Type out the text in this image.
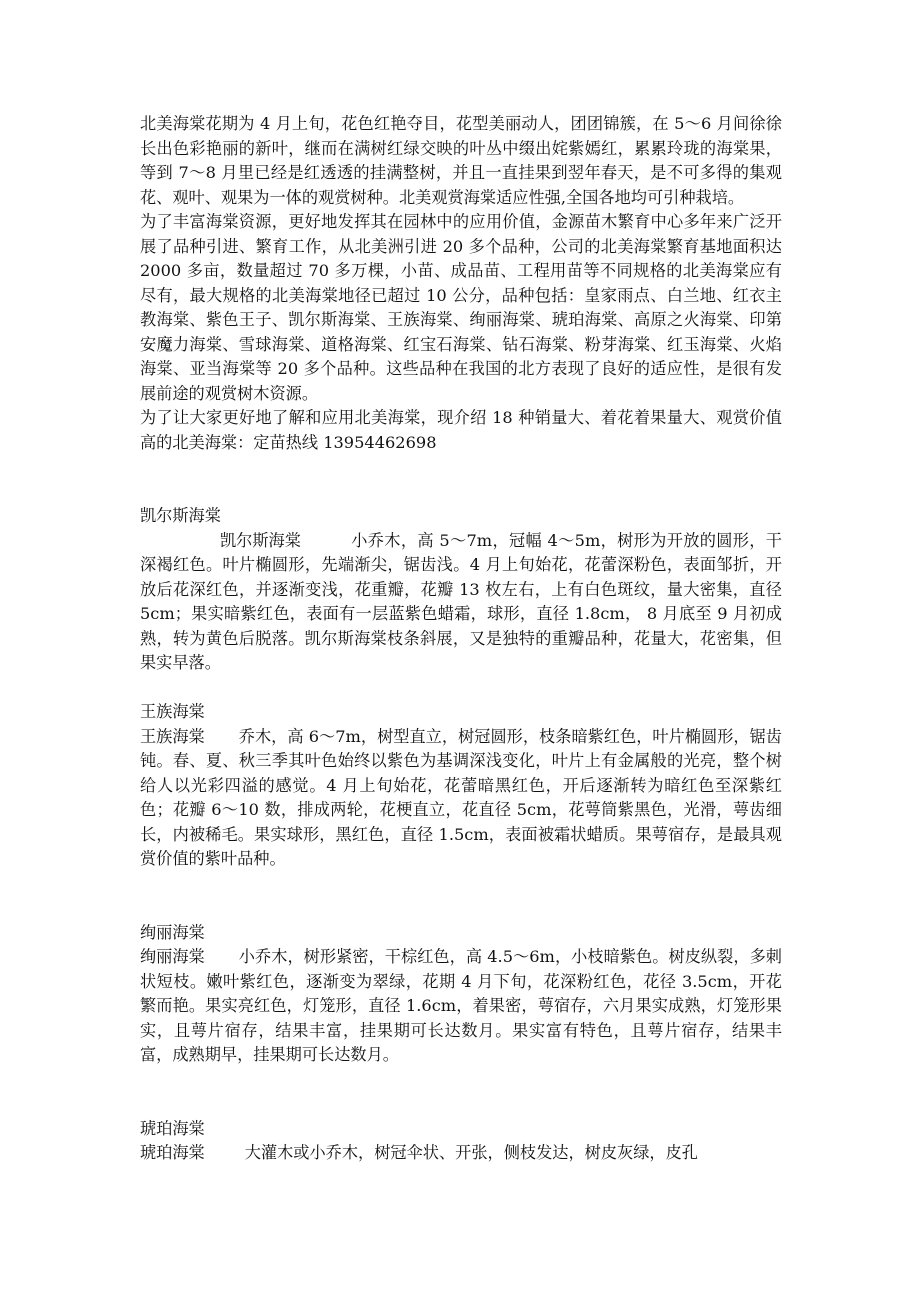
北美海棠花期为 4 月上旬，花色红艳夺目，花型美丽动人，团团锦簇，在 5～6 月间徐徐长出色彩艳丽的新叶，继而在满树红绿交映的叶丛中缀出姹紫嫣红，累累玲珑的海棠果，等到 7～8 月里已经是红透透的挂满整树，并且一直挂果到翌年春天，是不可多得的集观花、观叶、观果为一体的观赏树种。北美观赏海棠适应性强,全国各地均可引种栽培。

为了丰富海棠资源，更好地发挥其在园林中的应用价值，金源苗木繁育中心多年来广泛开展了品种引进、繁育工作，从北美洲引进 20 多个品种，公司的北美海棠繁育基地面积达 2000 多亩，数量超过 70 多万棵，小苗、成品苗、工程用苗等不同规格的北美海棠应有尽有，最大规格的北美海棠地径已超过 10 公分，品种包括：皇家雨点、白兰地、红衣主教海棠、紫色王子、凯尔斯海棠、王族海棠、绚丽海棠、琥珀海棠、高原之火海棠、印第安魔力海棠、雪球海棠、道格海棠、红宝石海棠、钻石海棠、粉芽海棠、红玉海棠、火焰海棠、亚当海棠等 20 多个品种。这些品种在我国的北方表现了良好的适应性，是很有发展前途的观赏树木资源。

为了让大家更好地了解和应用北美海棠，现介绍 18 种销量大、着花着果量大、观赏价值高的北美海棠：定苗热线 13954462698

凯尔斯海棠

凯尔斯海棠	小乔木，高 5～7m，冠幅 4～5m，树形为开放的圆形，干深褐红色。叶片椭圆形，先端渐尖，锯齿浅。4 月上旬始花，花蕾深粉色，表面邹折，开放后花深红色，并逐渐变浅，花重瓣，花瓣 13 枚左右，上有白色斑纹，量大密集，直径 5cm；果实暗紫红色，表面有一层蓝紫色蜡霜，球形，直径 1.8cm， 8 月底至 9 月初成熟，转为黄色后脱落。凯尔斯海棠枝条斜展，又是独特的重瓣品种，花量大，花密集，但果实早落。

王族海棠

王族海棠 乔木，高 6～7m，树型直立，树冠圆形，枝条暗紫红色，叶片椭圆形，锯齿钝。春、夏、秋三季其叶色始终以紫色为基调深浅变化，叶片上有金属般的光亮，整个树给人以光彩四溢的感觉。4 月上旬始花，花蕾暗黑红色，开后逐渐转为暗红色至深紫红色；花瓣 6～10 数，排成两轮，花梗直立，花直径 5cm，花萼筒紫黑色，光滑，萼齿细长，内被稀毛。果实球形，黑红色，直径 1.5cm，表面被霜状蜡质。果萼宿存，是最具观赏价值的紫叶品种。

绚丽海棠

绚丽海棠 小乔木，树形紧密，干棕红色，高 4.5～6m，小枝暗紫色。树皮纵裂，多刺状短枝。嫩叶紫红色，逐渐变为翠绿，花期 4 月下旬，花深粉红色，花径 3.5cm，开花繁而艳。果实亮红色，灯笼形，直径 1.6cm，着果密，萼宿存，六月果实成熟，灯笼形果实，且萼片宿存，结果丰富，挂果期可长达数月。果实富有特色，且萼片宿存，结果丰富，成熟期早，挂果期可长达数月。

琥珀海棠

琥珀海棠 大灌木或小乔木，树冠伞状、开张，侧枝发达，树皮灰绿，皮孔
